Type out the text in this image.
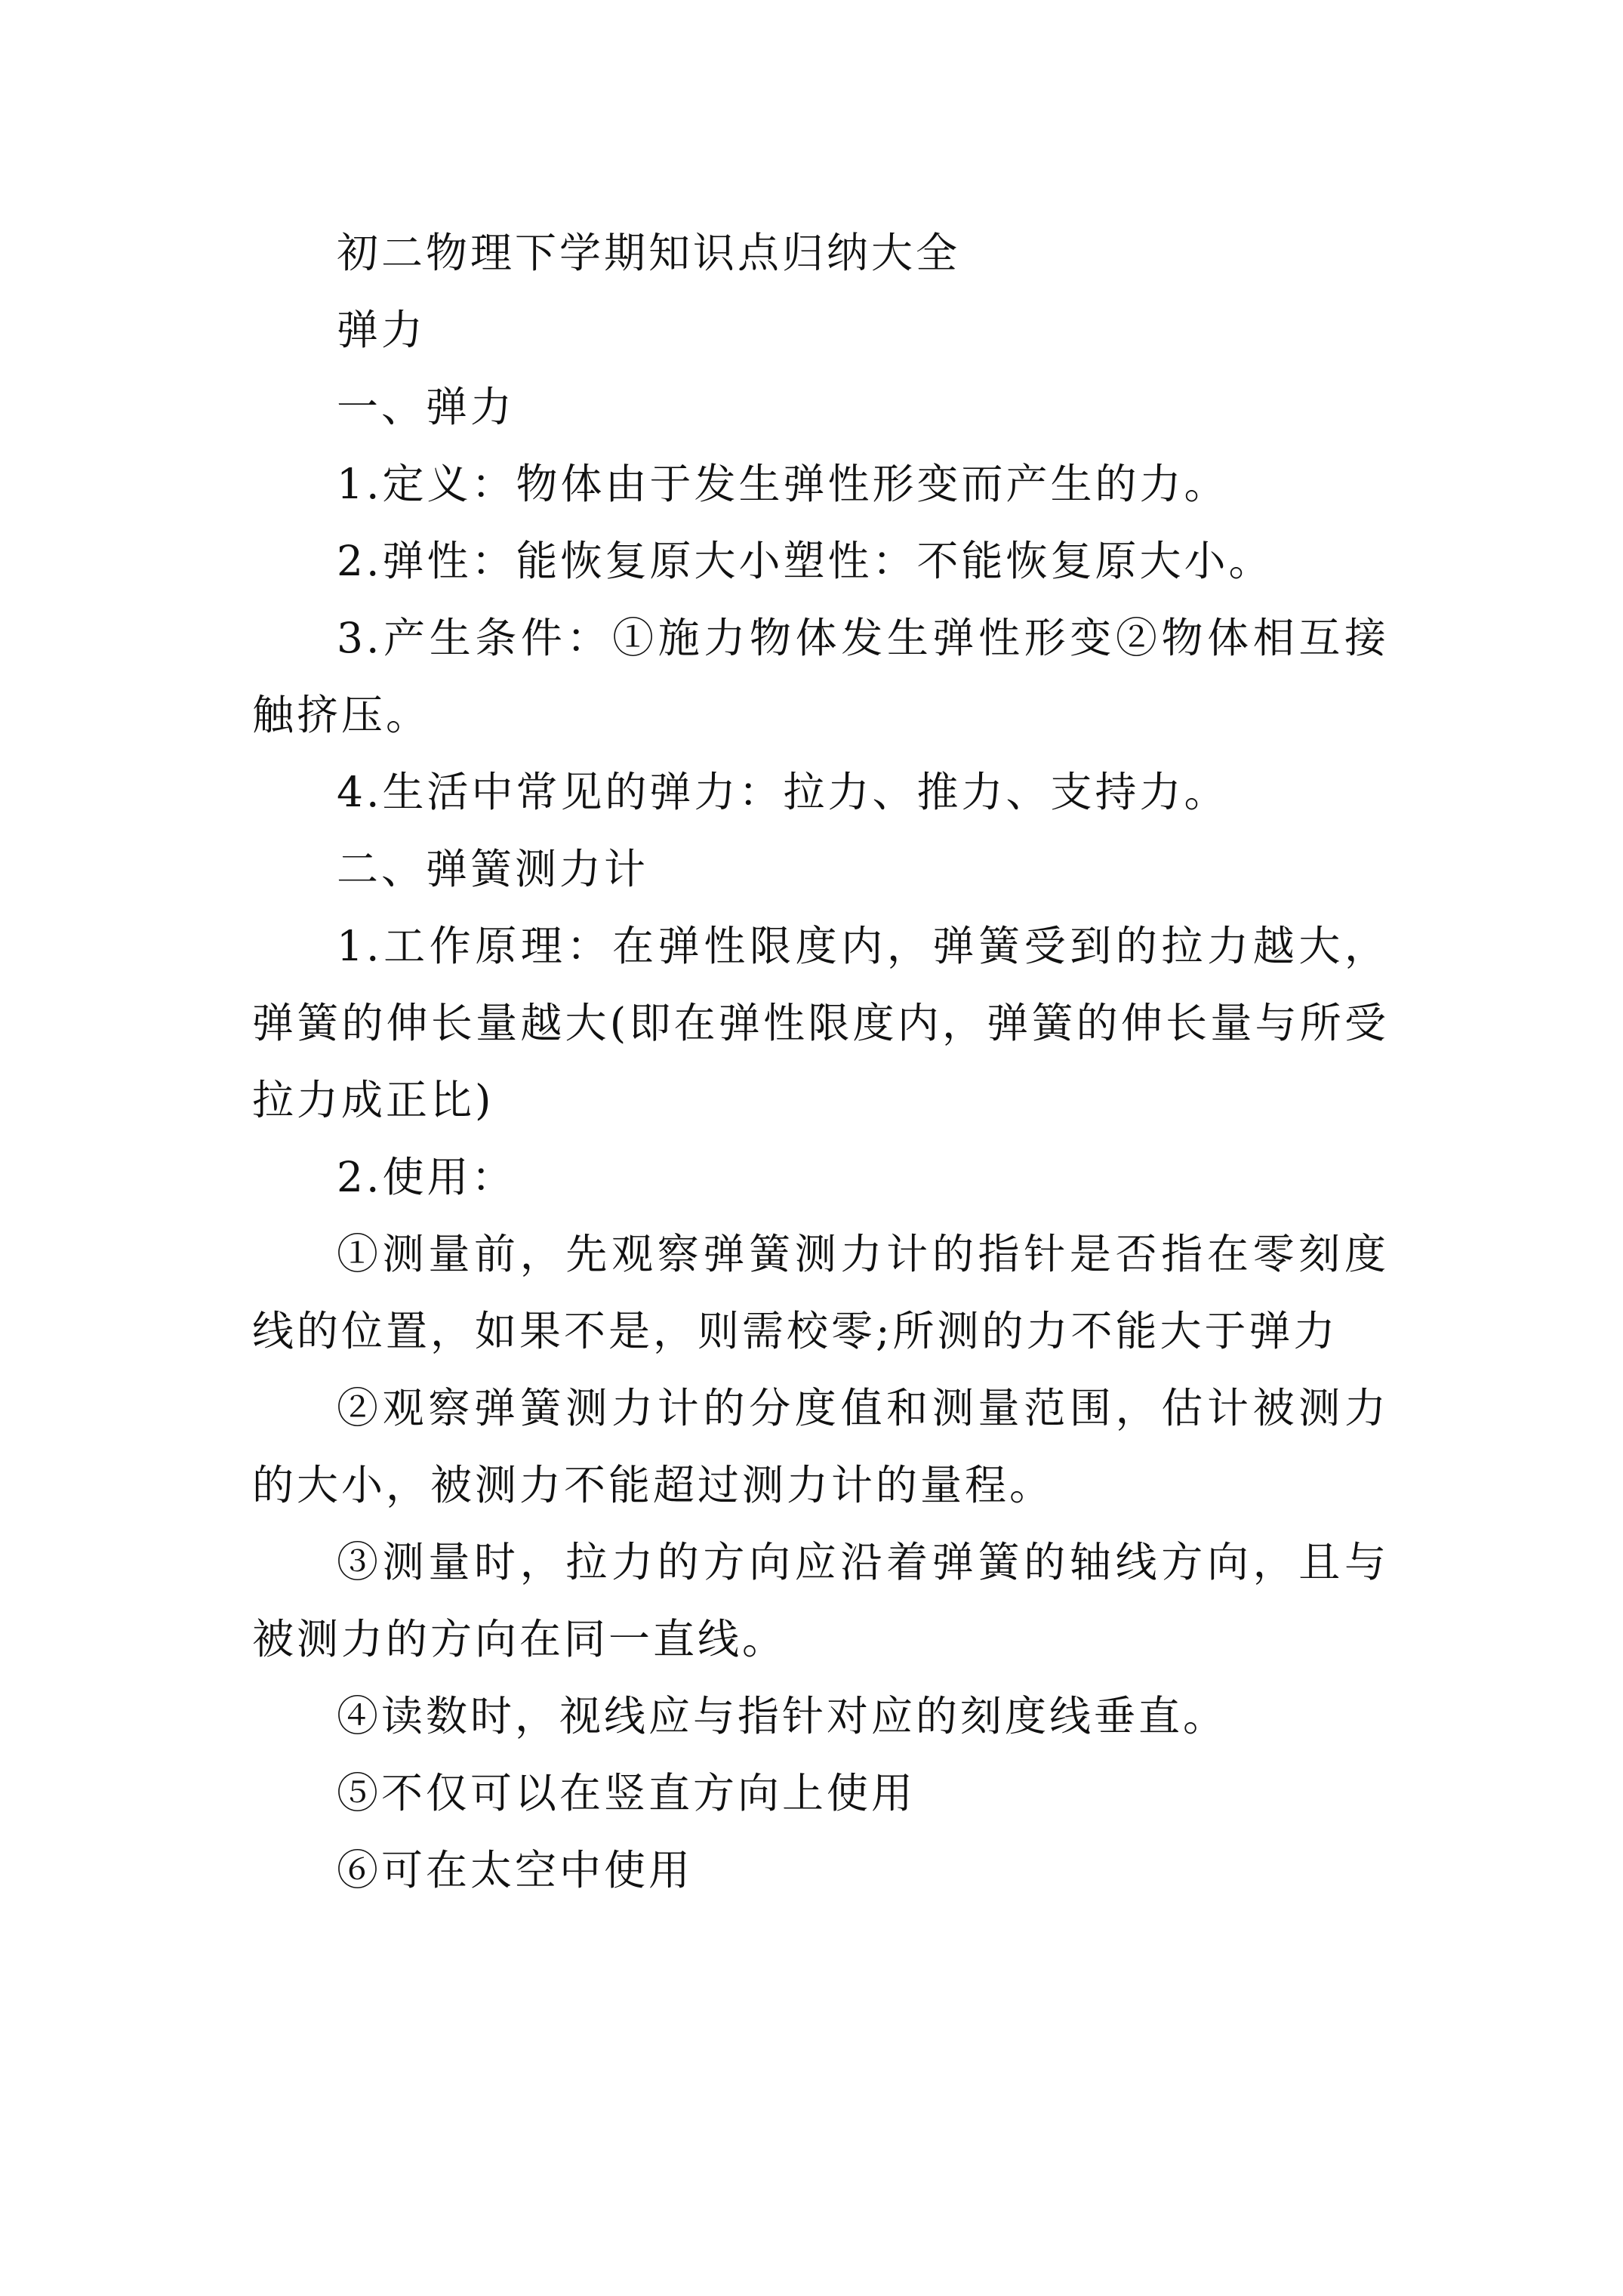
初二物理下学期知识点归纳大全

弹力

一、弹力

1.定义：物体由于发生弹性形变而产生的力。

2.弹性：能恢复原大小塑性：不能恢复原大小。

3.产生条件：①施力物体发生弹性形变②物体相互接触挤压。

4.生活中常见的弹力：拉力、推力、支持力。

二、弹簧测力计

1.工作原理：在弹性限度内，弹簧受到的拉力越大，弹簧的伸长量越大(即在弹性限度内，弹簧的伸长量与所受拉力成正比)

2.使用：

①测量前，先观察弹簧测力计的指针是否指在零刻度线的位置，如果不是，则需校零;所测的力不能大于弹力

②观察弹簧测力计的分度值和测量范围，估计被测力的大小，被测力不能超过测力计的量程。

③测量时，拉力的方向应沿着弹簧的轴线方向，且与被测力的方向在同一直线。

④读数时，视线应与指针对应的刻度线垂直。

⑤不仅可以在竖直方向上使用

⑥可在太空中使用
